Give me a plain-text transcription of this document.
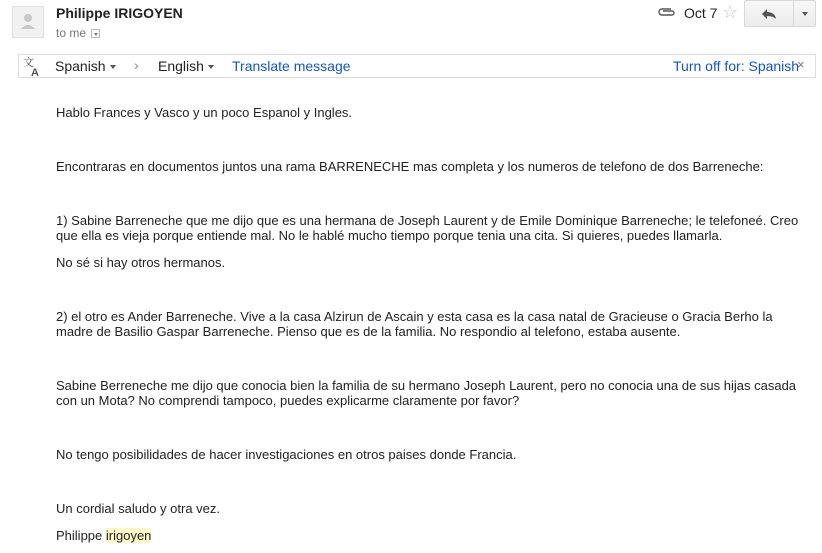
Philippe IRIGOYEN
to me
Oct 7 ☆
文
A Spanish › English Translate message	Turn off for: Spanish
×

Hablo Frances y Vasco y un poco Espanol y Ingles.

Encontraras en documentos juntos una rama BARRENECHE mas completa y los numeros de telefono de dos Barreneche:

1) Sabine Barreneche que me dijo que es una hermana de Joseph Laurent y de Emile Dominique Barreneche; le telefoneé. Creo que ella es vieja porque entiende mal. No le hablé mucho tiempo porque tenia una cita. Si quieres, puedes llamarla.

No sé si hay otros hermanos.

2) el otro es Ander Barreneche. Vive a la casa Alzirun de Ascain y esta casa es la casa natal de Gracieuse o Gracia Berho la madre de Basilio Gaspar Barreneche. Pienso que es de la familia. No respondio al telefono, estaba ausente.

Sabine Berreneche me dijo que conocia bien la familia de su hermano Joseph Laurent, pero no conocia una de sus hijas casada con un Mota? No comprendi tampoco, puedes explicarme claramente por favor?

No tengo posibilidades de hacer investigaciones en otros paises donde Francia.

Un cordial saludo y otra vez.

Philippe irigoyen
